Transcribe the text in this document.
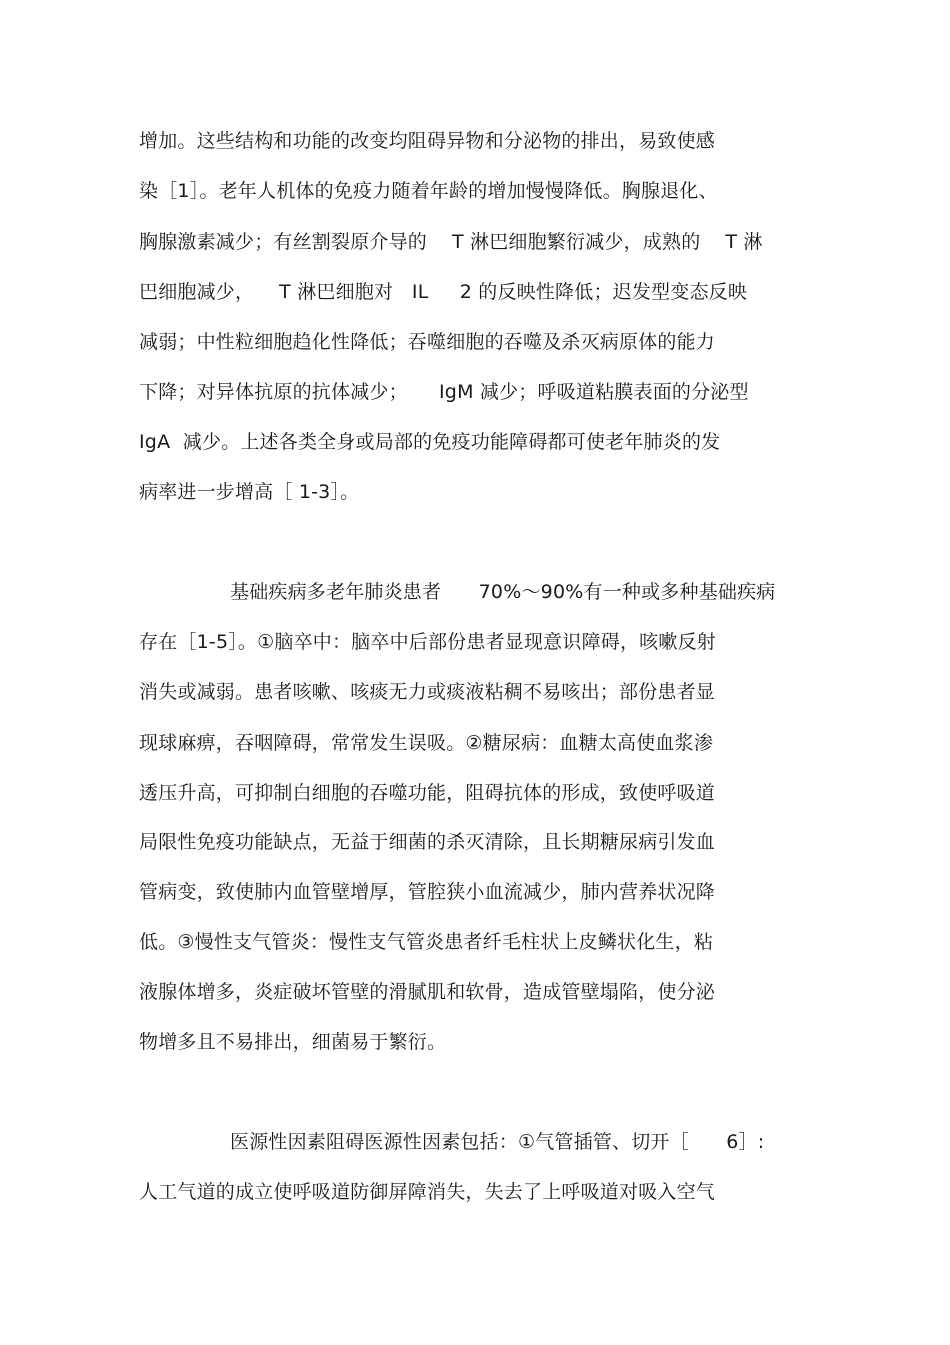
增加。这些结构和功能的改变均阻碍异物和分泌物的排出，易致使感
染［1］。老年人机体的免疫力随着年龄的增加慢慢降低。胸腺退化、
胸腺激素减少；有丝割裂原介导的    T 淋巴细胞繁衍减少，成熟的    T 淋
巴细胞减少，    T 淋巴细胞对   IL     2 的反映性降低；迟发型变态反映
减弱；中性粒细胞趋化性降低；吞噬细胞的吞噬及杀灭病原体的能力
下降；对异体抗原的抗体减少；     IgM 减少；呼吸道粘膜表面的分泌型
IgA  减少。上述各类全身或局部的免疫功能障碍都可使老年肺炎的发
病率进一步增高［ 1-3］。
基础疾病多老年肺炎患者      70%～90%有一种或多种基础疾病
存在［1-5］。①脑卒中：脑卒中后部份患者显现意识障碍，咳嗽反射
消失或减弱。患者咳嗽、咳痰无力或痰液粘稠不易咳出；部份患者显
现球麻痹，吞咽障碍，常常发生误吸。②糖尿病：血糖太高使血浆渗
透压升高，可抑制白细胞的吞噬功能，阻碍抗体的形成，致使呼吸道
局限性免疫功能缺点，无益于细菌的杀灭清除，且长期糖尿病引发血
管病变，致使肺内血管壁增厚，管腔狭小血流减少，肺内营养状况降
低。③慢性支气管炎：慢性支气管炎患者纤毛柱状上皮鳞状化生，粘
液腺体增多，炎症破坏管壁的滑腻肌和软骨，造成管壁塌陷，使分泌
物增多且不易排出，细菌易于繁衍。
医源性因素阻碍医源性因素包括：①气管插管、切开［      6］:
人工气道的成立使呼吸道防御屏障消失，失去了上呼吸道对吸入空气
